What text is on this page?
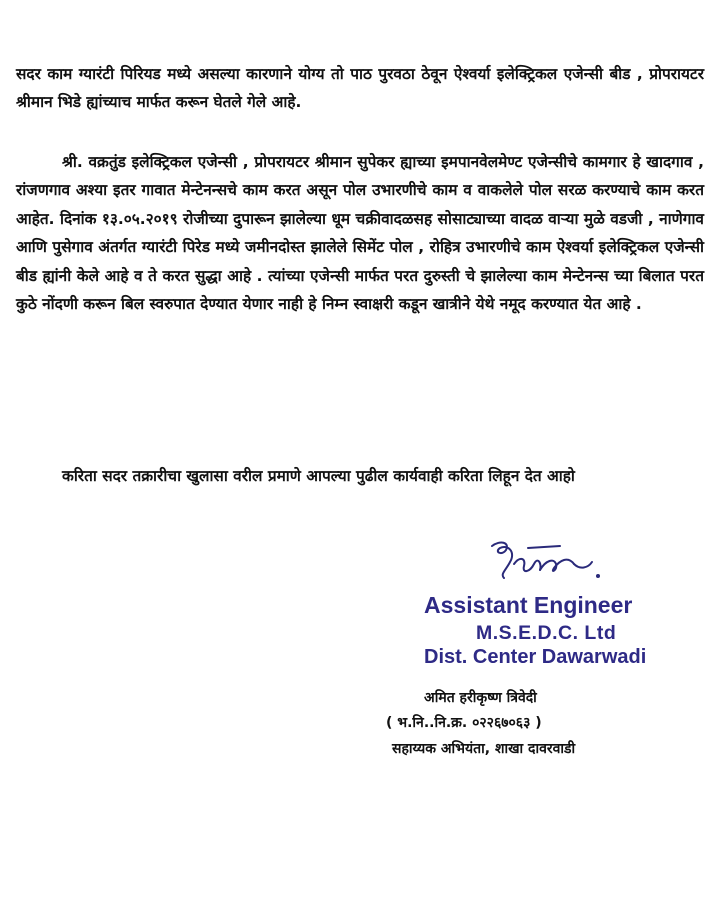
सदर काम ग्यारंटी पिरियड मध्ये असल्या कारणाने योग्य तो पाठ पुरवठा ठेवून ऐश्वर्या इलेक्ट्रिकल एजेन्सी बीड , प्रोपरायटर श्रीमान भिडे ह्यांच्याच मार्फत करून घेतले गेले आहे.

श्री. वक्रतुंड इलेक्ट्रिकल एजेन्सी , प्रोपरायटर श्रीमान सुपेकर ह्याच्या इमपानवेलमेण्ट एजेन्सीचे कामगार हे खादगाव , रांजणगाव अश्या इतर गावात मेन्टेनन्सचे काम करत असून पोल उभारणीचे काम व वाकलेले पोल सरळ करण्याचे काम करत आहेत. दिनांक १३.०५.२०१९ रोजीच्या दुपारून झालेल्या धूम चक्रीवादळसह सोसाट्याच्या वादळ वाऱ्या मुळे वडजी , नाणेगाव आणि पुसेगाव अंतर्गत ग्यारंटी पिरेड मध्ये जमीनदोस्त झालेले सिमेंट पोल , रोहित्र उभारणीचे काम ऐश्वर्या इलेक्ट्रिकल एजेन्सी बीड ह्यांनी केले आहे व ते करत सुद्धा आहे . त्यांच्या एजेन्सी मार्फत परत दुरुस्ती चे झालेल्या काम मेन्टेनन्स च्या बिलात परत कुठे नोंदणी करून बिल स्वरुपात देण्यात येणार नाही हे निम्न स्वाक्षरी कडून खात्रीने येथे नमूद करण्यात येत आहे .

करिता सदर तक्रारीचा खुलासा वरील प्रमाणे आपल्या पुढील कार्यवाही करिता लिहून देत आहो

Assistant Engineer

M.S.E.D.C. Ltd

Dist. Center Dawarwadi

अमित हरीकृष्ण त्रिवेदी

( भ.नि..नि.क्र. ०२२६७०६३ )

सहाय्यक अभियंता, शाखा दावरवाडी
